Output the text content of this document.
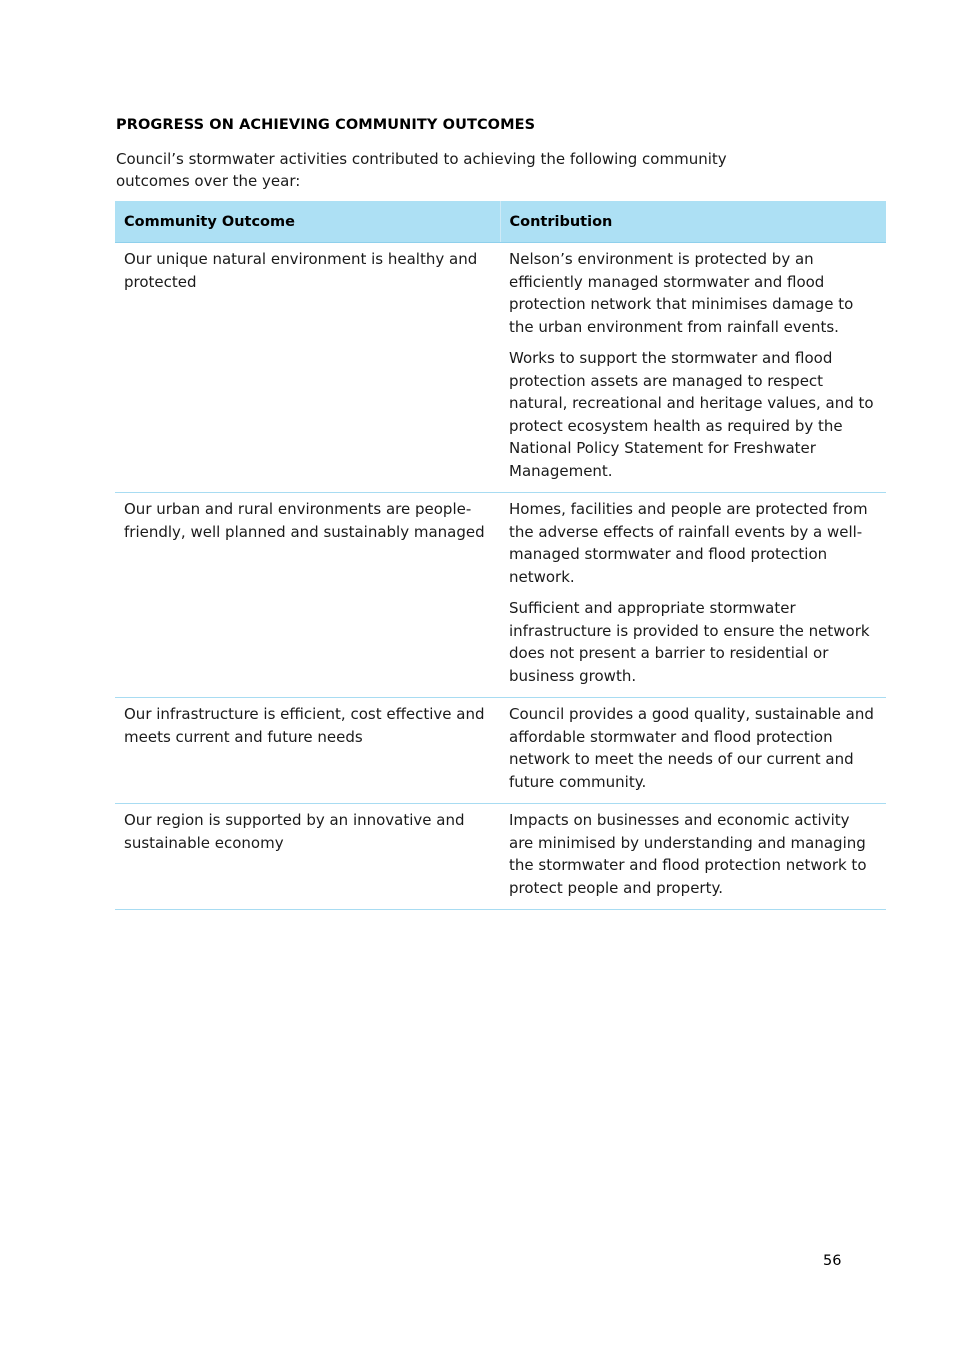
PROGRESS ON ACHIEVING COMMUNITY OUTCOMES
Council’s stormwater activities contributed to achieving the following community outcomes over the year:
Community Outcome	Contribution
Our unique natural environment is healthy and protected	Nelson’s environment is protected by an efficiently managed stormwater and flood protection network that minimises damage to the urban environment from rainfall events.

Works to support the stormwater and flood protection assets are managed to respect natural, recreational and heritage values, and to protect ecosystem health as required by the National Policy Statement for Freshwater Management.

Our urban and rural environments are people-friendly, well planned and sustainably managed	Homes, facilities and people are protected from the adverse effects of rainfall events by a well-managed stormwater and flood protection network.

Sufficient and appropriate stormwater infrastructure is provided to ensure the network does not present a barrier to residential or business growth.

Our infrastructure is efficient, cost effective and meets current and future needs	Council provides a good quality, sustainable and affordable stormwater and flood protection network to meet the needs of our current and future community.

Our region is supported by an innovative and sustainable economy	Impacts on businesses and economic activity are minimised by understanding and managing the stormwater and flood protection network to protect people and property.

56
